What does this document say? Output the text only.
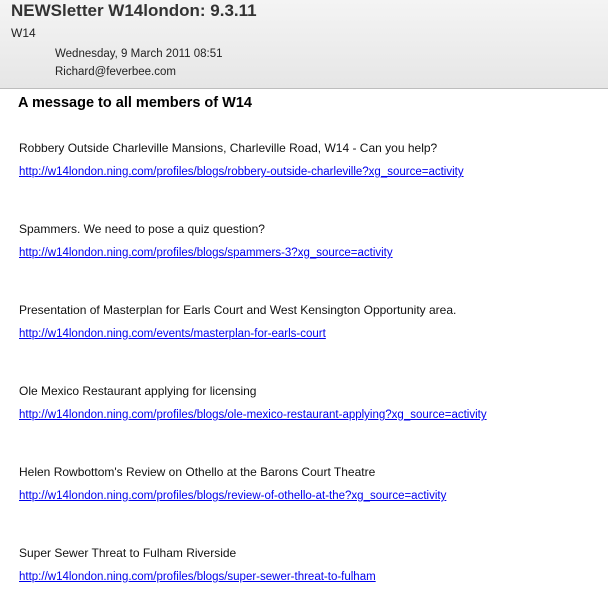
NEWSletter W14london: 9.3.11
W14
Wednesday, 9 March 2011 08:51
Richard@feverbee.com
A message to all members of W14
Robbery Outside Charleville Mansions, Charleville Road, W14 - Can you help?
http://w14london.ning.com/profiles/blogs/robbery-outside-charleville?xg_source=activity
Spammers. We need to pose a quiz question?
http://w14london.ning.com/profiles/blogs/spammers-3?xg_source=activity
Presentation of Masterplan for Earls Court and West Kensington Opportunity area.
http://w14london.ning.com/events/masterplan-for-earls-court
Ole Mexico Restaurant applying for licensing
http://w14london.ning.com/profiles/blogs/ole-mexico-restaurant-applying?xg_source=activity
Helen Rowbottom's Review on Othello at the Barons Court Theatre
http://w14london.ning.com/profiles/blogs/review-of-othello-at-the?xg_source=activity
Super Sewer Threat to Fulham Riverside
http://w14london.ning.com/profiles/blogs/super-sewer-threat-to-fulham
